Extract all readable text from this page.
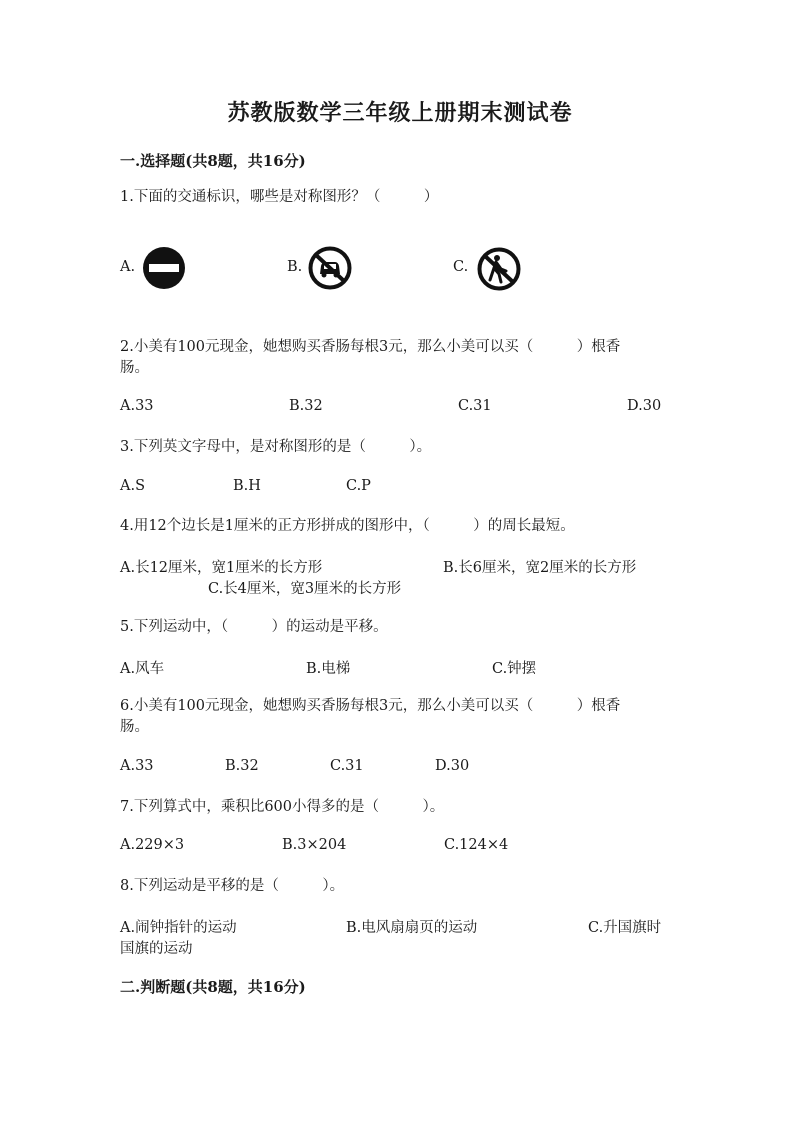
苏教版数学三年级上册期末测试卷
一.选择题(共8题，共16分)
1.下面的交通标识，哪些是对称图形？（　　　）
A.	B.	C.
2.小美有100元现金，她想购买香肠每根3元，那么小美可以买（　　　）根香
肠。
A.33	B.32	C.31	D.30
3.下列英文字母中，是对称图形的是（　　　）。
A.S	B.H	C.P
4.用12个边长是1厘米的正方形拼成的图形中，（　　　）的周长最短。
A.长12厘米，宽1厘米的长方形	B.长6厘米，宽2厘米的长方形
C.长4厘米，宽3厘米的长方形
5.下列运动中，（　　　）的运动是平移。
A.风车	B.电梯	C.钟摆
6.小美有100元现金，她想购买香肠每根3元，那么小美可以买（　　　）根香
肠。
A.33	B.32	C.31	D.30
7.下列算式中，乘积比600小得多的是（　　　）。
A.229×3	B.3×204	C.124×4
8.下列运动是平移的是（　　　）。
A.闹钟指针的运动	B.电风扇扇页的运动	C.升国旗时
国旗的运动
二.判断题(共8题，共16分)
